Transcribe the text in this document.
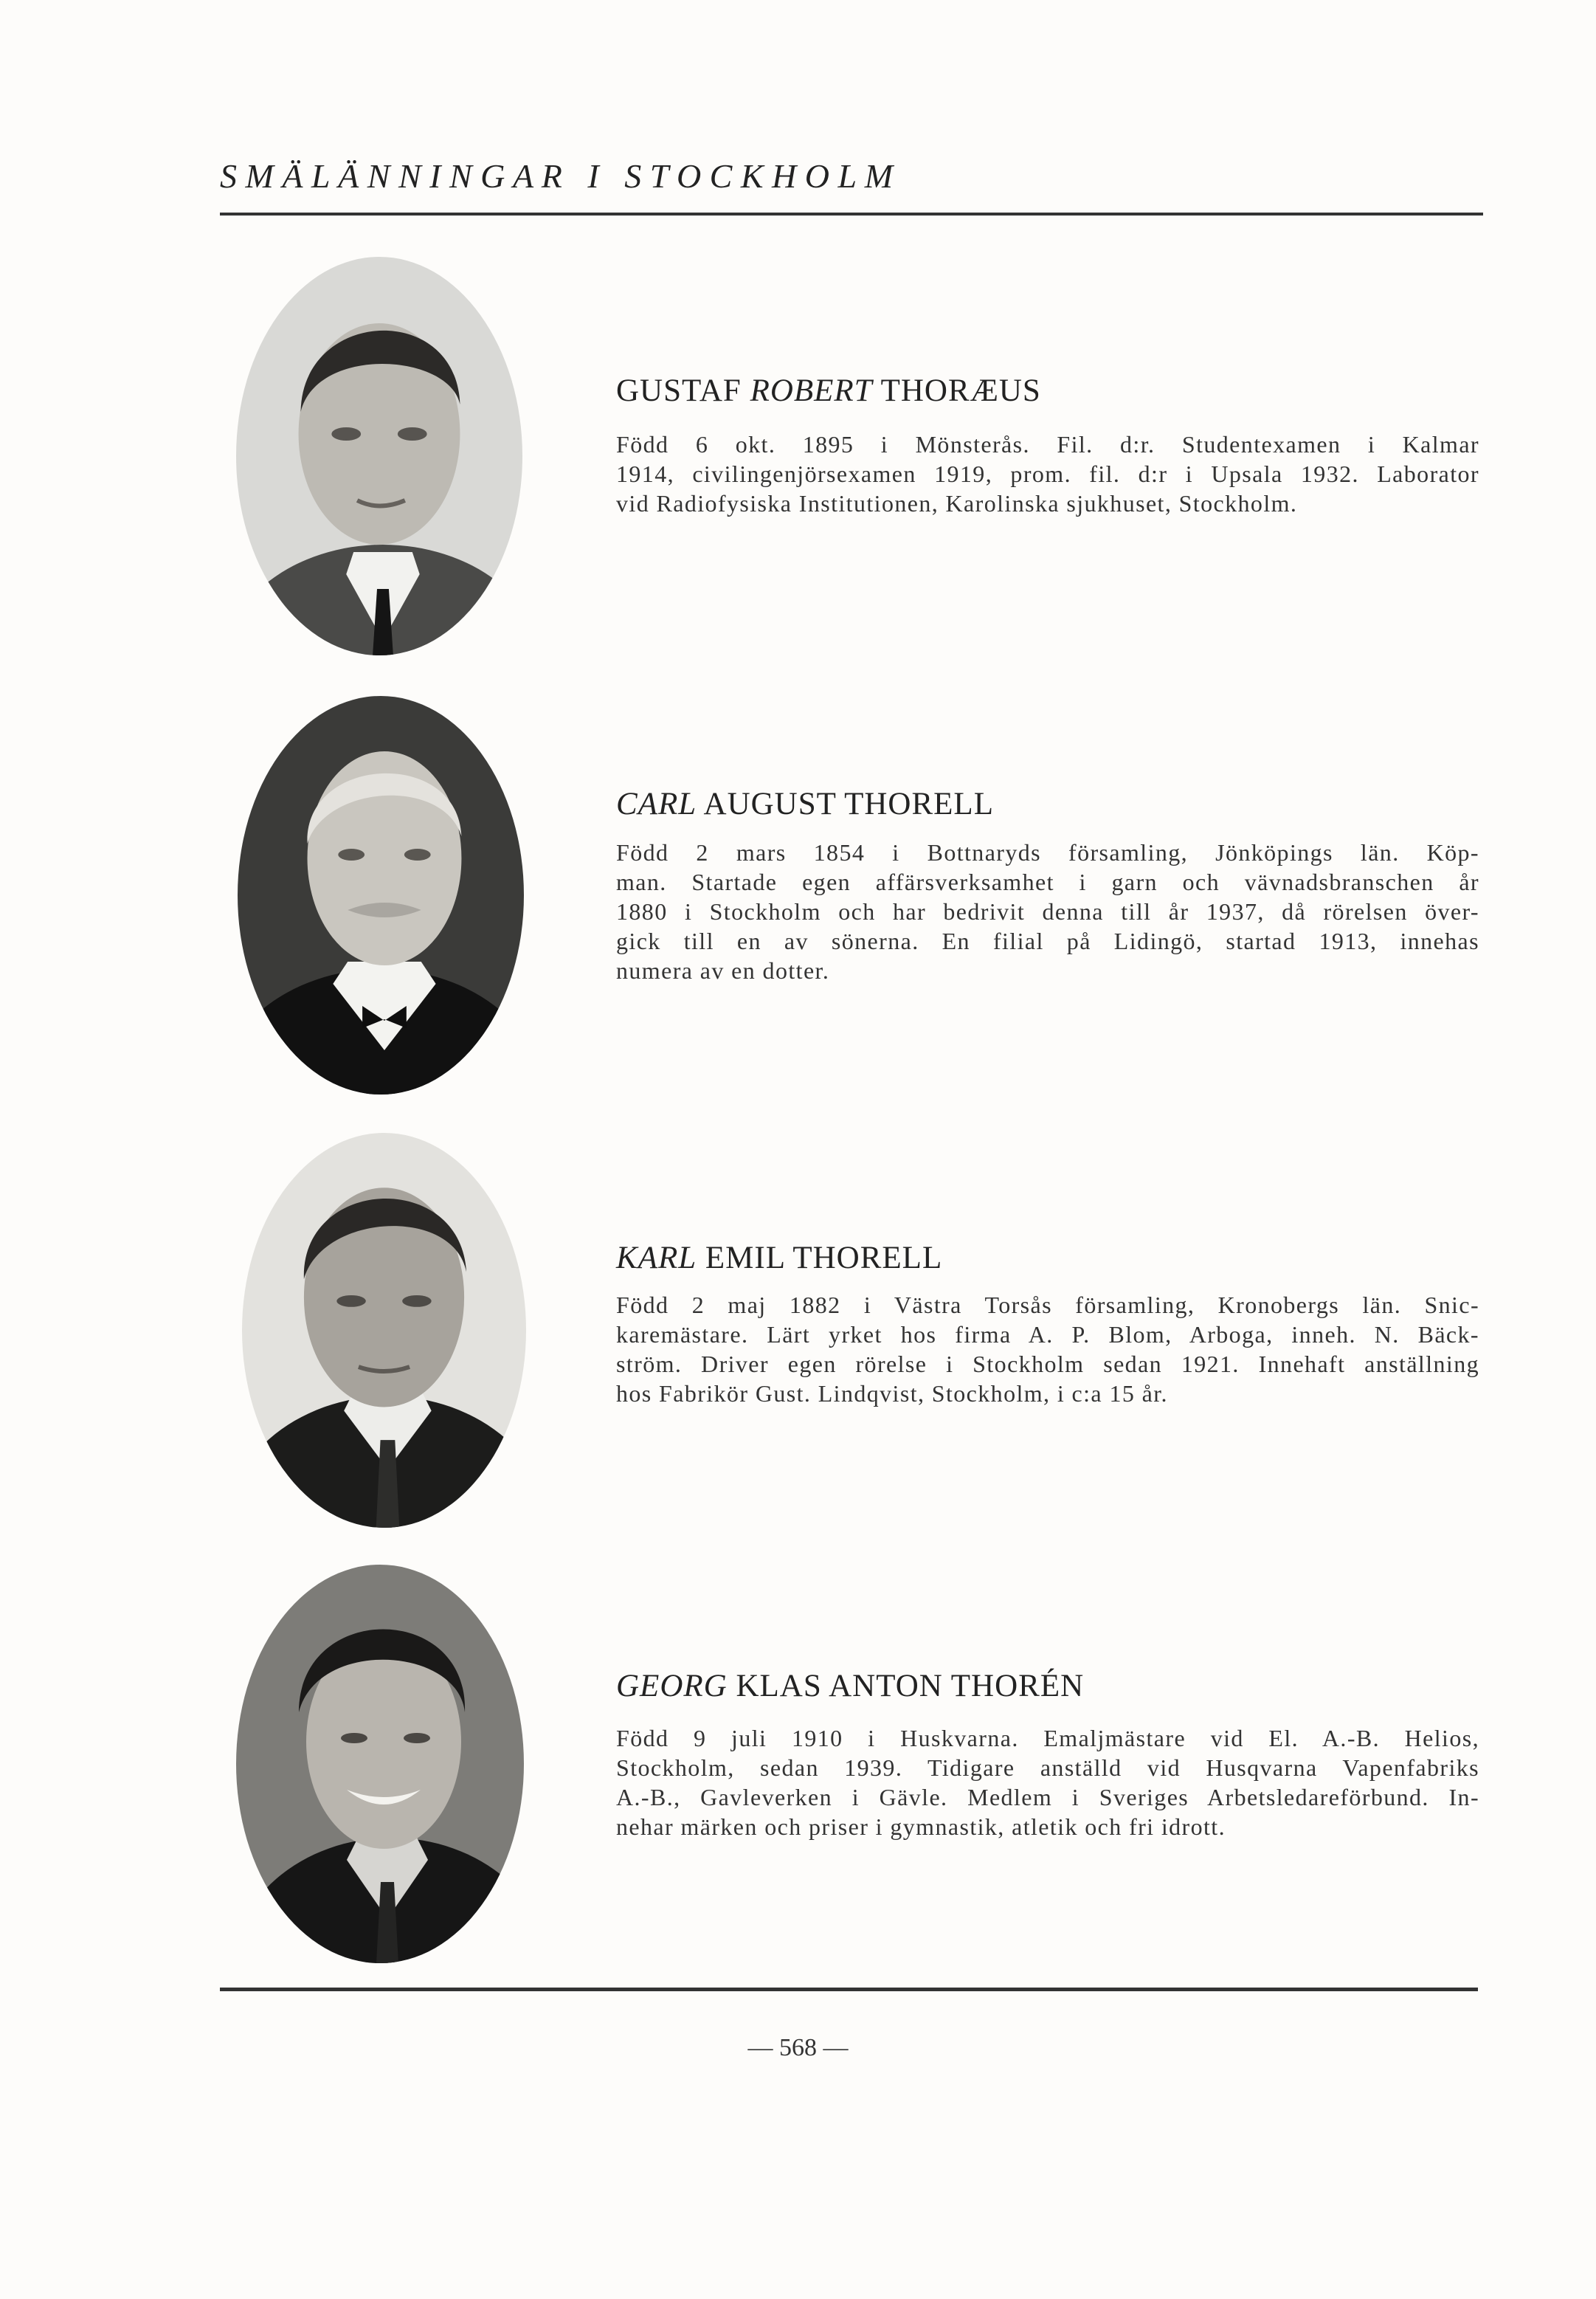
S M Ä L Ä N N I N G A R   I   S T O C K H O L M
GUSTAF ROBERT THORÆUS
Född 6 okt. 1895 i Mönsterås. Fil. d:r. Studentexamen i Kalmar
1914, civilingenjörsexamen 1919, prom. fil. d:r i Upsala 1932. Laborator
vid Radiofysiska Institutionen, Karolinska sjukhuset, Stockholm.
CARL AUGUST THORELL
Född 2 mars 1854 i Bottnaryds församling, Jönköpings län. Köp-
man. Startade egen affärsverksamhet i garn och vävnadsbranschen år
1880 i Stockholm och har bedrivit denna till år 1937, då rörelsen över-
gick till en av sönerna. En filial på Lidingö, startad 1913, innehas
numera av en dotter.
KARL EMIL THORELL
Född 2 maj 1882 i Västra Torsås församling, Kronobergs län. Snic-
karemästare. Lärt yrket hos firma A. P. Blom, Arboga, inneh. N. Bäck-
ström. Driver egen rörelse i Stockholm sedan 1921. Innehaft anställning
hos Fabrikör Gust. Lindqvist, Stockholm, i c:a 15 år.
GEORG KLAS ANTON THORÉN
Född 9 juli 1910 i Huskvarna. Emaljmästare vid El. A.-B. Helios,
Stockholm, sedan 1939. Tidigare anställd vid Husqvarna Vapenfabriks
A.-B., Gavleverken i Gävle. Medlem i Sveriges Arbetsledareförbund. In-
nehar märken och priser i gymnastik, atletik och fri idrott.
— 568 —
